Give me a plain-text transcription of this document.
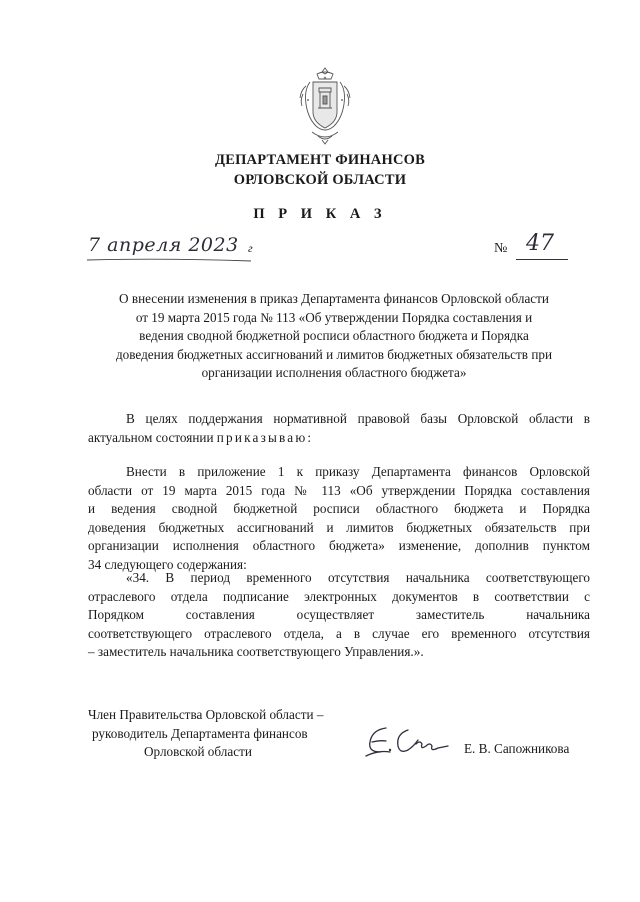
ДЕПАРТАМЕНТ ФИНАНСОВ
ОРЛОВСКОЙ ОБЛАСТИ
П Р И К А З
7 апреля 2023 г	№ 47
О внесении изменения в приказ Департамента финансов Орловской области
от 19 марта 2015 года № 113 «Об утверждении Порядка составления и
ведения сводной бюджетной росписи областного бюджета и Порядка
доведения бюджетных ассигнований и лимитов бюджетных обязательств при
организации исполнения областного бюджета»
В целях поддержания нормативной правовой базы Орловской области в
актуальном состоянии приказываю:
Внести в приложение 1 к приказу Департамента финансов Орловской
области от 19 марта 2015 года № 113 «Об утверждении Порядка составления
и ведения сводной бюджетной росписи областного бюджета и Порядка
доведения бюджетных ассигнований и лимитов бюджетных обязательств при
организации исполнения областного бюджета» изменение, дополнив пунктом
34 следующего содержания:
«34. В период временного отсутствия начальника соответствующего
отраслевого отдела подписание электронных документов в соответствии с
Порядком составления осуществляет заместитель начальника
соответствующего отраслевого отдела, а в случае его временного отсутствия
– заместитель начальника соответствующего Управления.».
Член Правительства Орловской области –
руководитель Департамента финансов
Орловской области	Е. В. Сапожникова
